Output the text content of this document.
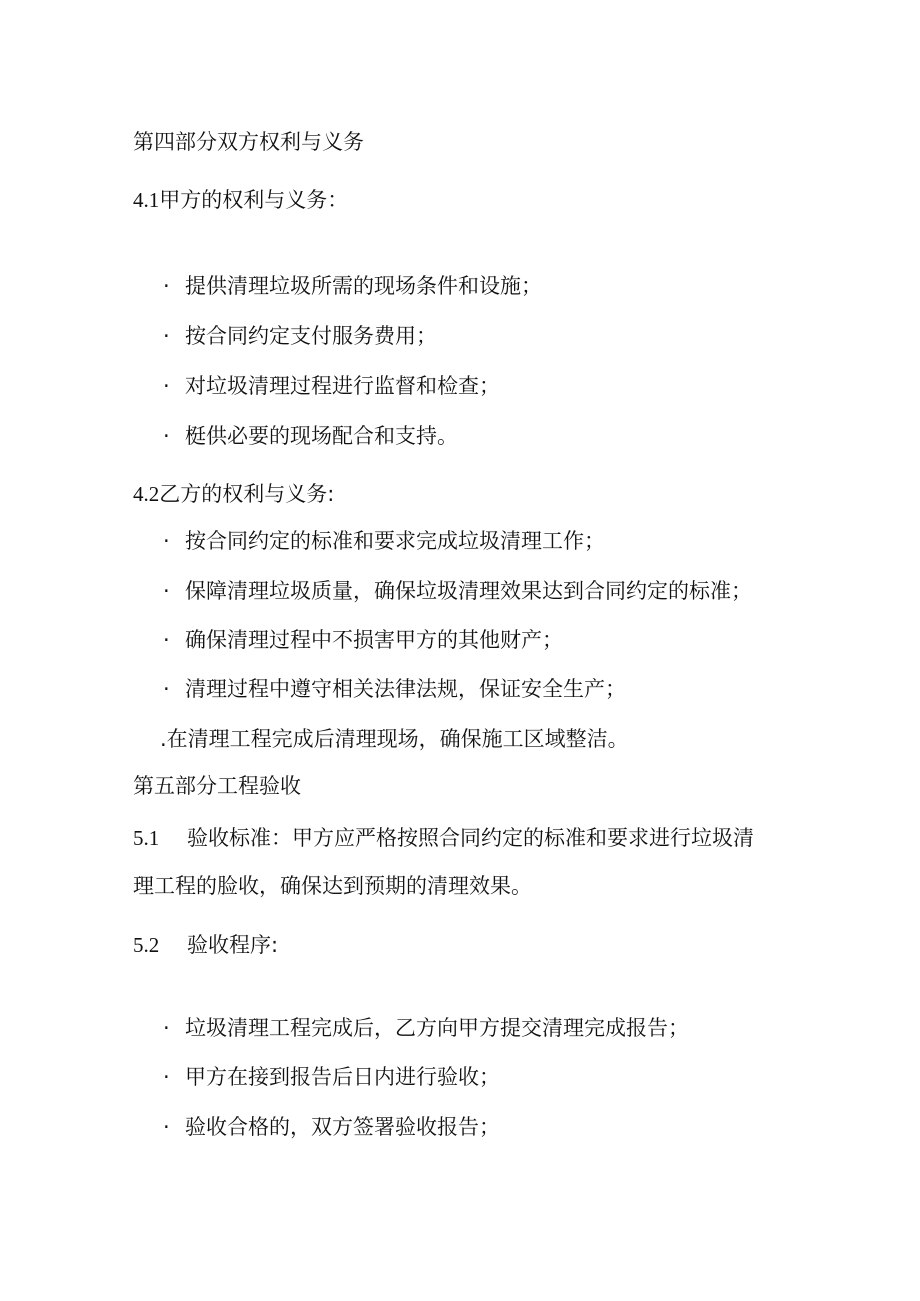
第四部分双方权利与义务
4.1甲方的权利与义务：
· 提供清理垃圾所需的现场条件和设施；
· 按合同约定支付服务费用；
· 对垃圾清理过程进行监督和检查；
· 梃供必要的现场配合和支持。
4.2乙方的权利与义务:
· 按合同约定的标准和要求完成垃圾清理工作；
· 保障清理垃圾质量，确保垃圾清理效果达到合同约定的标准；
· 确保清理过程中不损害甲方的其他财产；
· 清理过程中遵守相关法律法规，保证安全生产；
.在清理工程完成后清理现场，确保施工区域整洁。
第五部分工程验收
5.1 验收标准：甲方应严格按照合同约定的标准和要求进行垃圾清
理工程的脸收，确保达到预期的清理效果。
5.2 验收程序:
· 垃圾清理工程完成后，乙方向甲方提交清理完成报告；
· 甲方在接到报告后日内进行验收；
· 验收合格的，双方签署验收报告；
